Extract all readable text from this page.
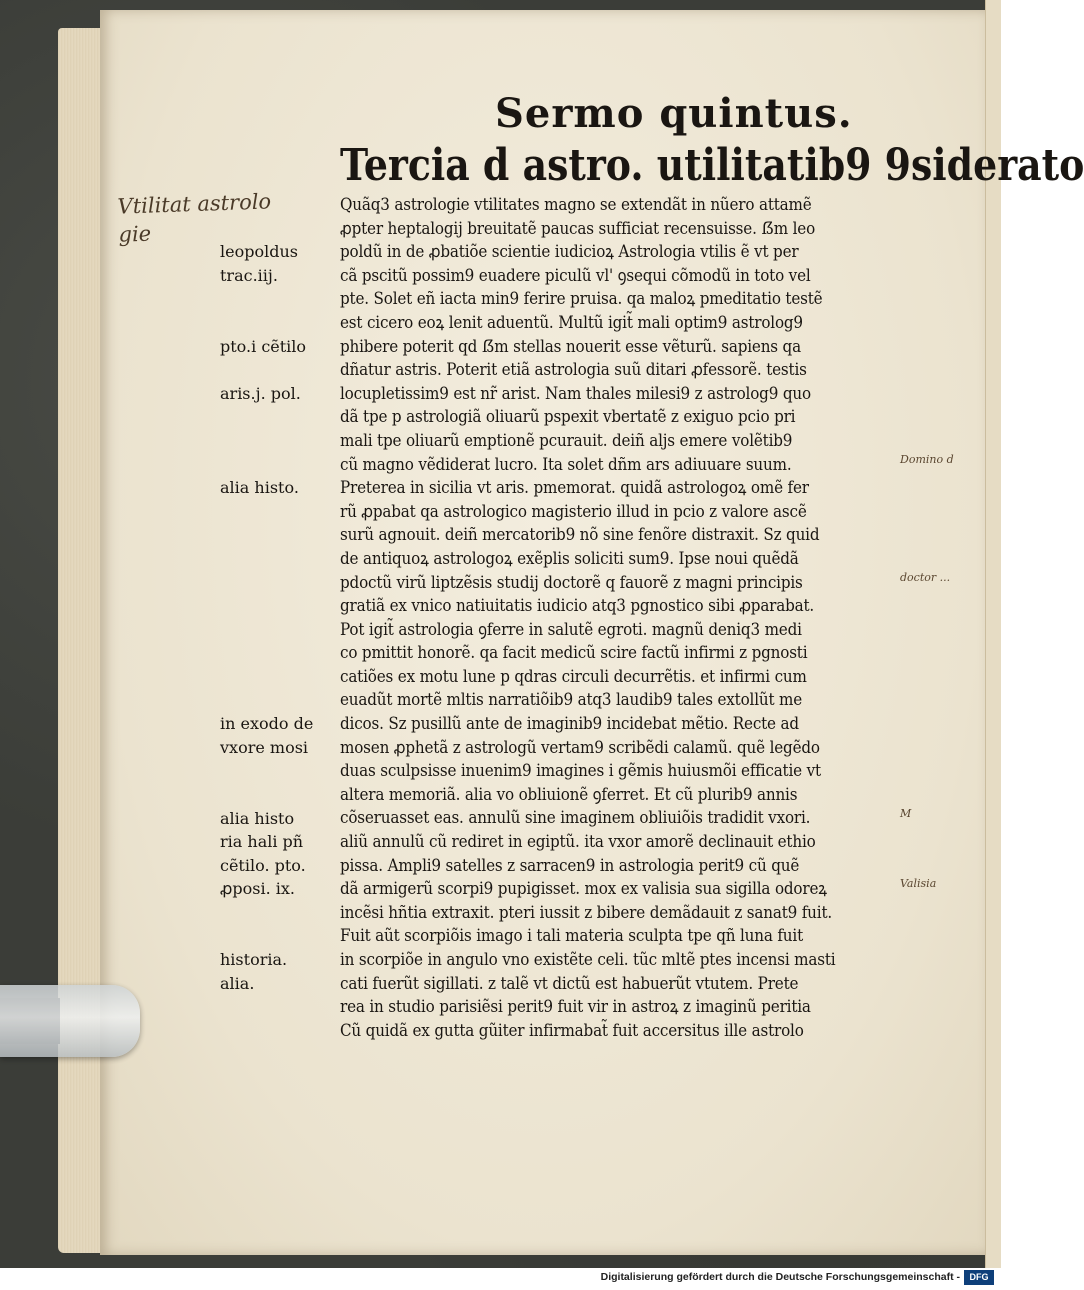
Sermo quintus.
Tercia d astro. utilitatib9 9siderato
Quãq3 astrologie vtilitates magno se extendãt in nũero attamẽ
ꝓpter heptalogij breuitatẽ paucas sufficiat recensuisse. ẞm leo
poldũ in de ꝓbatiõe scientie iudicioꝝ Astrologia vtilis ẽ vt per
cã pscitũ possim9 euadere piculũ vl' ꝯsequi cõmodũ in toto vel
pte. Solet eñ iacta min9 ferire pruisa. qa maloꝝ pmeditatio testẽ
est cicero eoꝝ lenit aduentũ. Multũ igit̃ mali optim9 astrolog9
phibere poterit qd ẞm stellas nouerit esse vẽturũ. sapiens qa
dñatur astris. Poterit etiã astrologia suũ ditari ꝓfessorẽ. testis
locupletissim9 est nr̃ arist. Nam thales milesi9 z astrolog9 quo
dã tpe p astrologiã oliuarũ pspexit vbertatẽ z exiguo pcio pri
mali tpe oliuarũ emptionẽ pcurauit. deiñ aljs emere volẽtib9
cũ magno vẽdiderat lucro. Ita solet dñm ars adiuuare suum.
Preterea in sicilia vt aris. pmemorat. quidã astrologoꝝ omẽ fer
rũ ꝓpabat qa astrologico magisterio illud in pcio z valore ascẽ
surũ agnouit. deiñ mercatorib9 nõ sine fenõre distraxit. Sz quid
de antiquoꝝ astrologoꝝ exẽplis soliciti sum9. Ipse noui quẽdã
pdoctũ virũ liptzẽsis studij doctorẽ q fauorẽ z magni principis
gratiã ex vnico natiuitatis iudicio atq3 pgnostico sibi ꝓparabat.
Pot igit̃ astrologia ꝯferre in salutẽ egroti. magnũ deniq3 medi
co pmittit honorẽ. qa facit medicũ scire factũ infirmi z pgnosti
catiões ex motu lune p qdras circuli decurrẽtis. et infirmi cum
euadũt mortẽ mltis narratiõib9 atq3 laudib9 tales extollũt me
dicos. Sz pusillũ ante de imaginib9 incidebat mẽtio. Recte ad
mosen ꝓphetã z astrologũ vertam9 scribẽdi calamũ. quẽ legẽdo
duas sculpsisse inuenim9 imagines i gẽmis huiusmõi efficatie vt
altera memoriã. alia vo obliuionẽ ꝯferret. Et cũ plurib9 annis
cõseruasset eas. annulũ sine imaginem obliuiõis tradidit vxori.
aliũ annulũ cũ rediret in egiptũ. ita vxor amorẽ declinauit ethio
pissa. Ampli9 satelles z sarracen9 in astrologia perit9 cũ quẽ
dã armigerũ scorpi9 pupigisset. mox ex valisia sua sigilla odoreꝝ
incẽsi hñtia extraxit. pteri iussit z bibere demãdauit z sanat9 fuit.
Fuit aũt scorpiõis imago i tali materia sculpta tpe qñ luna fuit
in scorpiõe in angulo vno existẽte celi. tũc mltẽ ptes incensi masti
cati fuerũt sigillati. z talẽ vt dictũ est habuerũt vtutem. Prete
rea in studio parisiẽsi perit9 fuit vir in astroꝝ z imaginũ peritia
Cũ quidã ex gutta gũiter infirmabat̃ fuit accersitus ille astrolo
leopoldus
trac.iij.
pto.i cẽtilo
aris.j. pol.
alia histo.
in exodo de
vxore mosi
alia histo
ria hali pñ
cẽtilo. pto.
ꝓposi. ix.
historia.
alia.
Vtilitat astrolo
gie
Domino d
doctor ...
M
Valisia
Digitalisierung gefördert durch die Deutsche Forschungsgemeinschaft -	DFG
